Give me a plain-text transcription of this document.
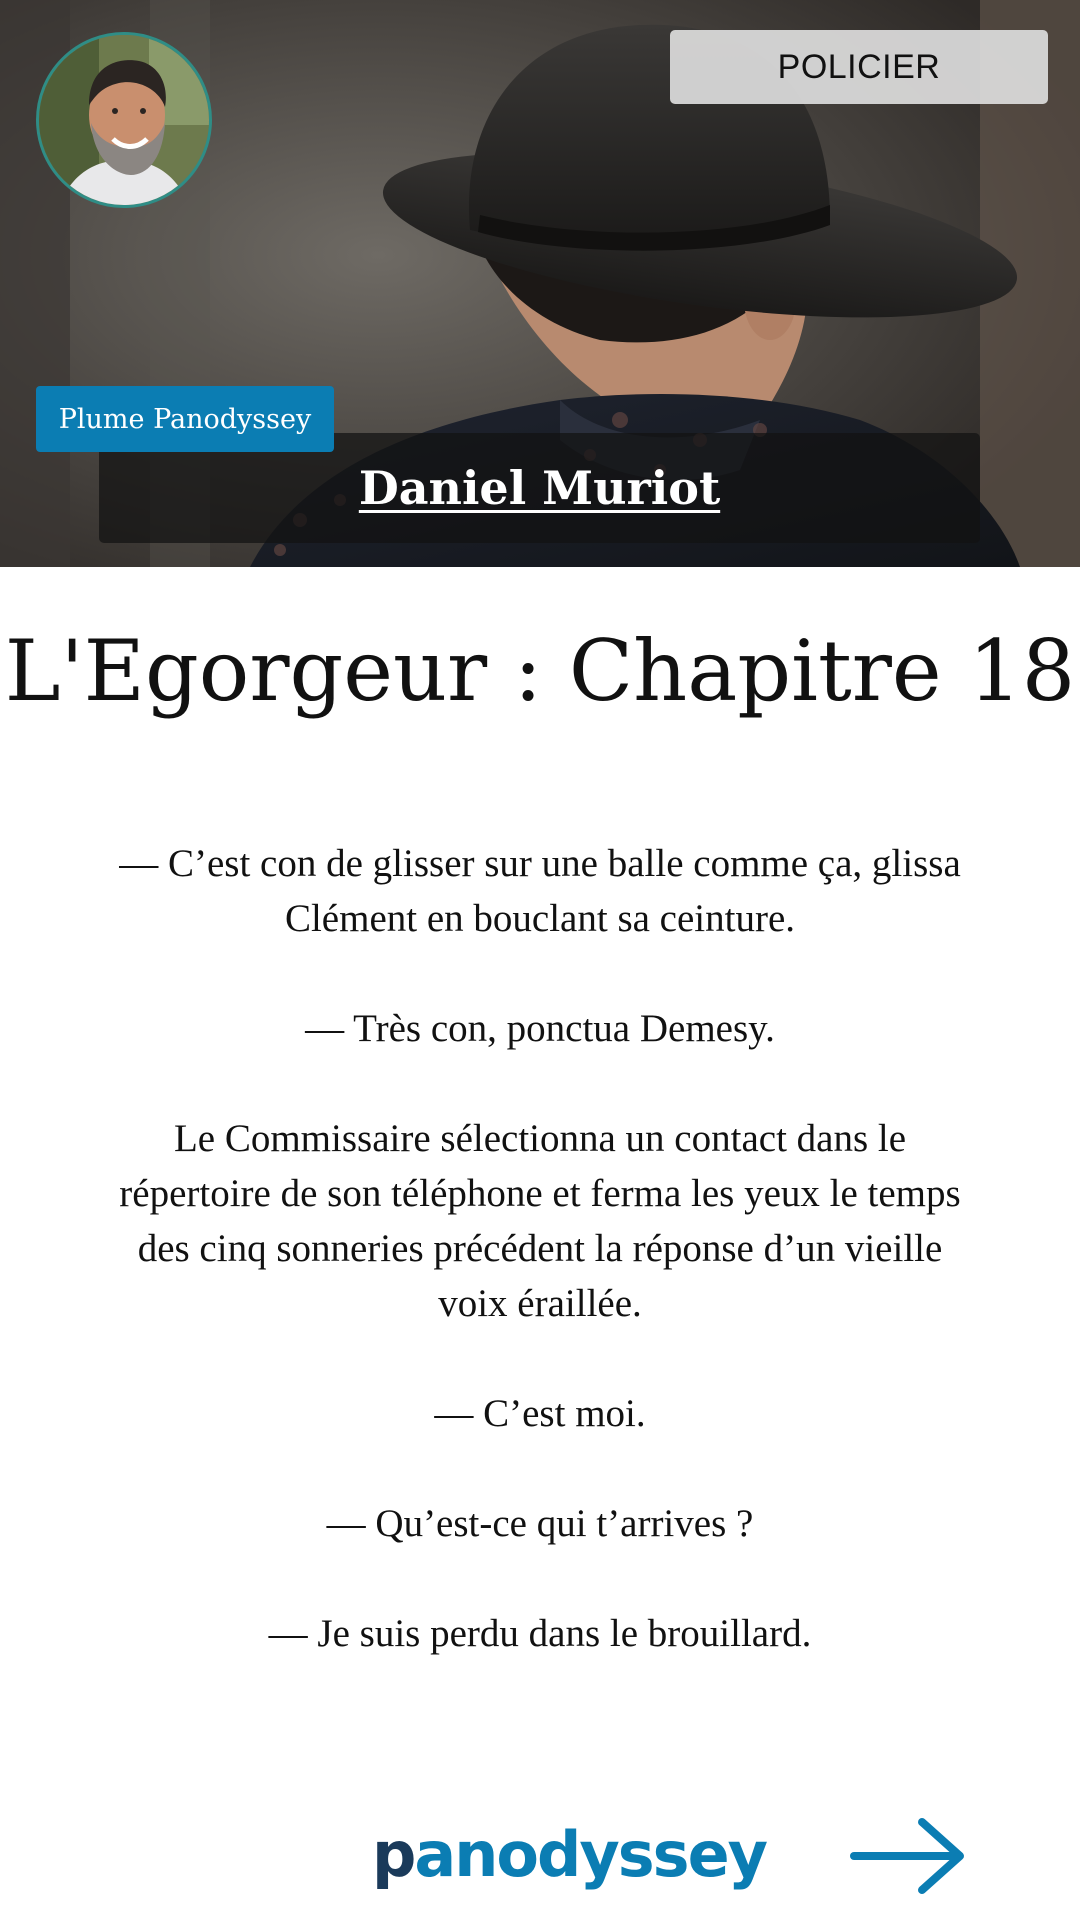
POLICIER
Plume Panodyssey
Daniel Muriot
L'Egorgeur : Chapitre 18

— C’est con de glisser sur une balle comme ça, glissa Clément en bouclant sa ceinture.

— Très con, ponctua Demesy.

Le Commissaire sélectionna un contact dans le répertoire de son téléphone et ferma les yeux le temps des cinq sonneries précédent la réponse d’un vieille voix éraillée.

— C’est moi.

— Qu’est-ce qui t’arrives ?

— Je suis perdu dans le brouillard.

p anodyssey
